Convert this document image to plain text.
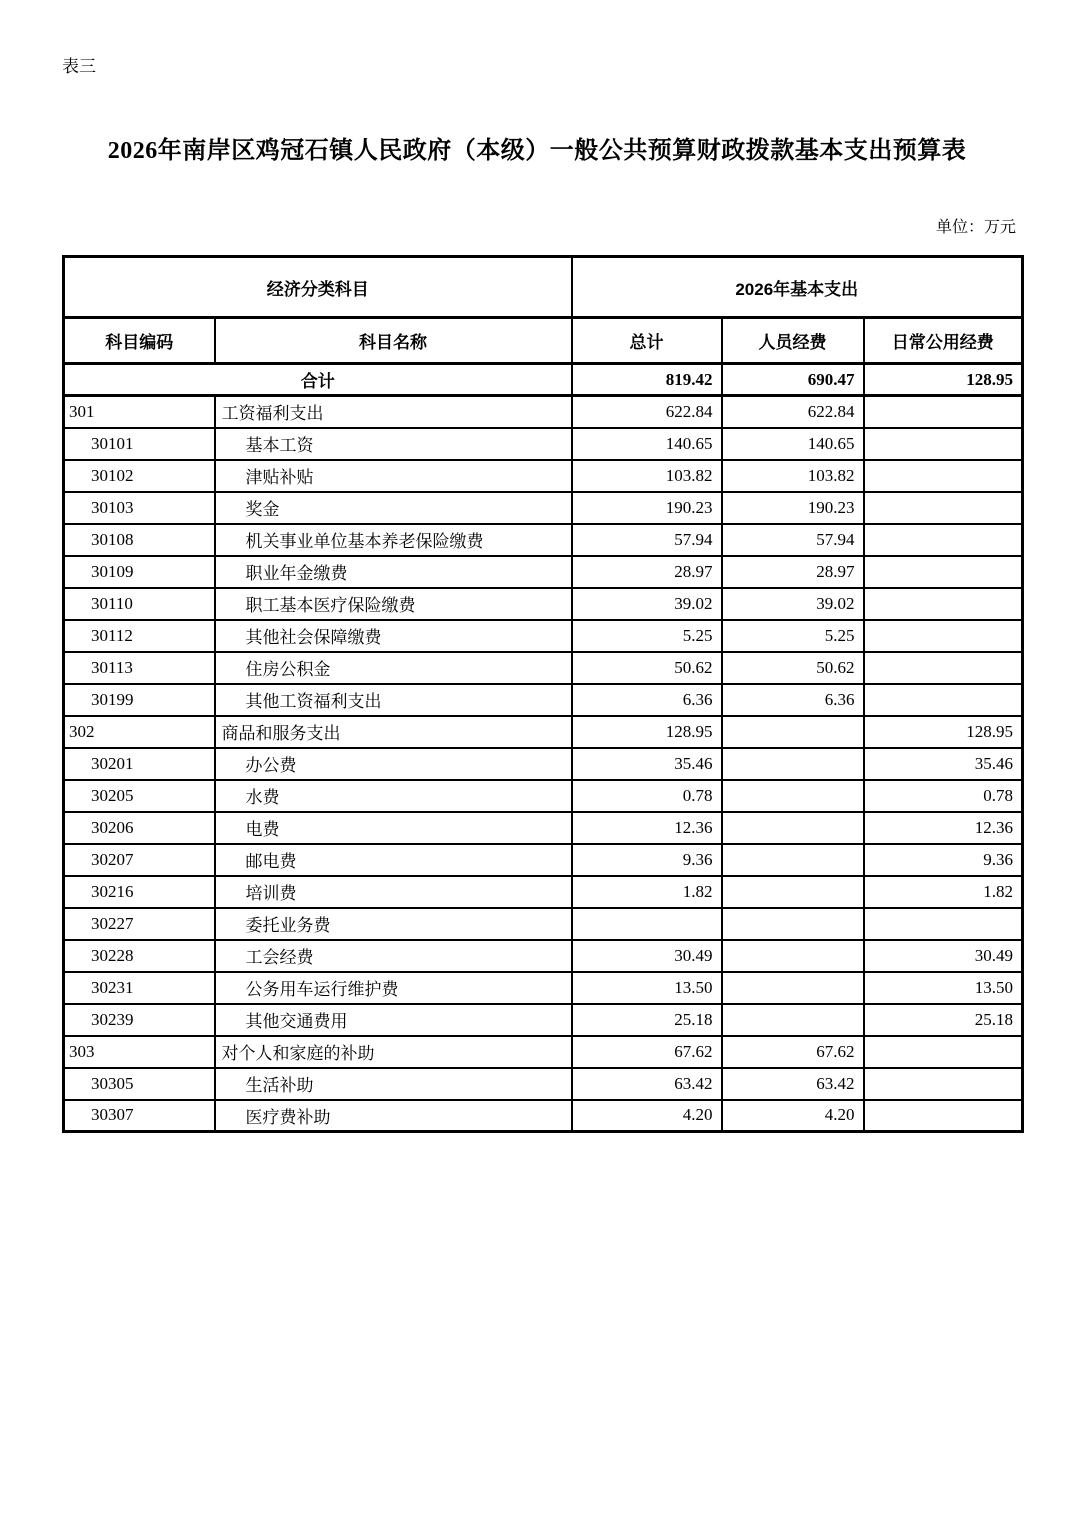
表三
2026年南岸区鸡冠石镇人民政府（本级）一般公共预算财政拨款基本支出预算表
单位：万元
经济分类科目		2026年基本支出		
科目编码	科目名称	总计	人员经费	日常公用经费
合计		819.42	690.47	128.95
301	工资福利支出	622.84	622.84	
30101	基本工资	140.65	140.65	
30102	津贴补贴	103.82	103.82	
30103	奖金	190.23	190.23	
30108	机关事业单位基本养老保险缴费	57.94	57.94	
30109	职业年金缴费	28.97	28.97	
30110	职工基本医疗保险缴费	39.02	39.02	
30112	其他社会保障缴费	5.25	5.25	
30113	住房公积金	50.62	50.62	
30199	其他工资福利支出	6.36	6.36	
302	商品和服务支出	128.95		128.95
30201	办公费	35.46		35.46
30205	水费	0.78		0.78
30206	电费	12.36		12.36
30207	邮电费	9.36		9.36
30216	培训费	1.82		1.82
30227	委托业务费			
30228	工会经费	30.49		30.49
30231	公务用车运行维护费	13.50		13.50
30239	其他交通费用	25.18		25.18
303	对个人和家庭的补助	67.62	67.62	
30305	生活补助	63.42	63.42	
30307	医疗费补助	4.20	4.20	
